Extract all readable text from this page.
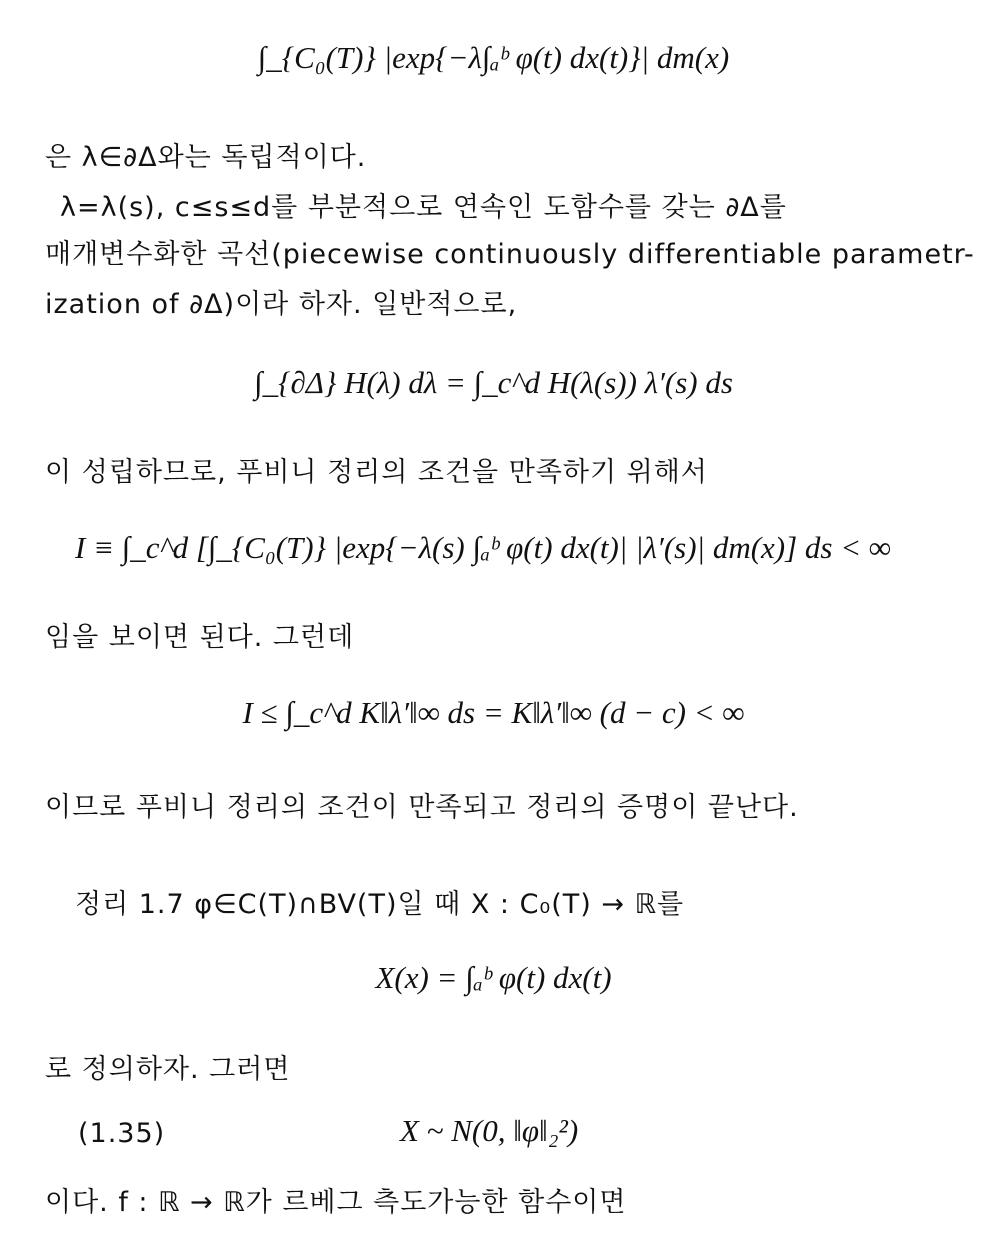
∫_{C₀(T)} |exp{−λ∫ₐᵇ φ(t) dx(t)}| dm(x)
은 λ∈∂Δ와는 독립적이다.
λ=λ(s), c≤s≤d를 부분적으로 연속인 도함수를 갖는 ∂Δ를
매개변수화한 곡선(piecewise continuously differentiable parametr-
ization of ∂Δ)이라 하자. 일반적으로,
∫_{∂Δ} H(λ) dλ = ∫_c^d H(λ(s)) λ′(s) ds
이 성립하므로, 푸비니 정리의 조건을 만족하기 위해서
I ≡ ∫_c^d [∫_{C₀(T)} |exp{−λ(s) ∫ₐᵇ φ(t) dx(t)| |λ′(s)| dm(x)] ds < ∞
임을 보이면 된다. 그런데
I ≤ ∫_c^d K‖λ′‖∞ ds = K‖λ′‖∞ (d − c) < ∞
이므로 푸비니 정리의 조건이 만족되고 정리의 증명이 끝난다.
정리 1.7 φ∈C(T)∩BV(T)일 때 X : C₀(T) → ℝ를
X(x) = ∫ₐᵇ φ(t) dx(t)
로 정의하자. 그러면
(1.35)	X ~ N(0, ‖φ‖₂²)
이다. f : ℝ → ℝ가 르베그 측도가능한 함수이면
